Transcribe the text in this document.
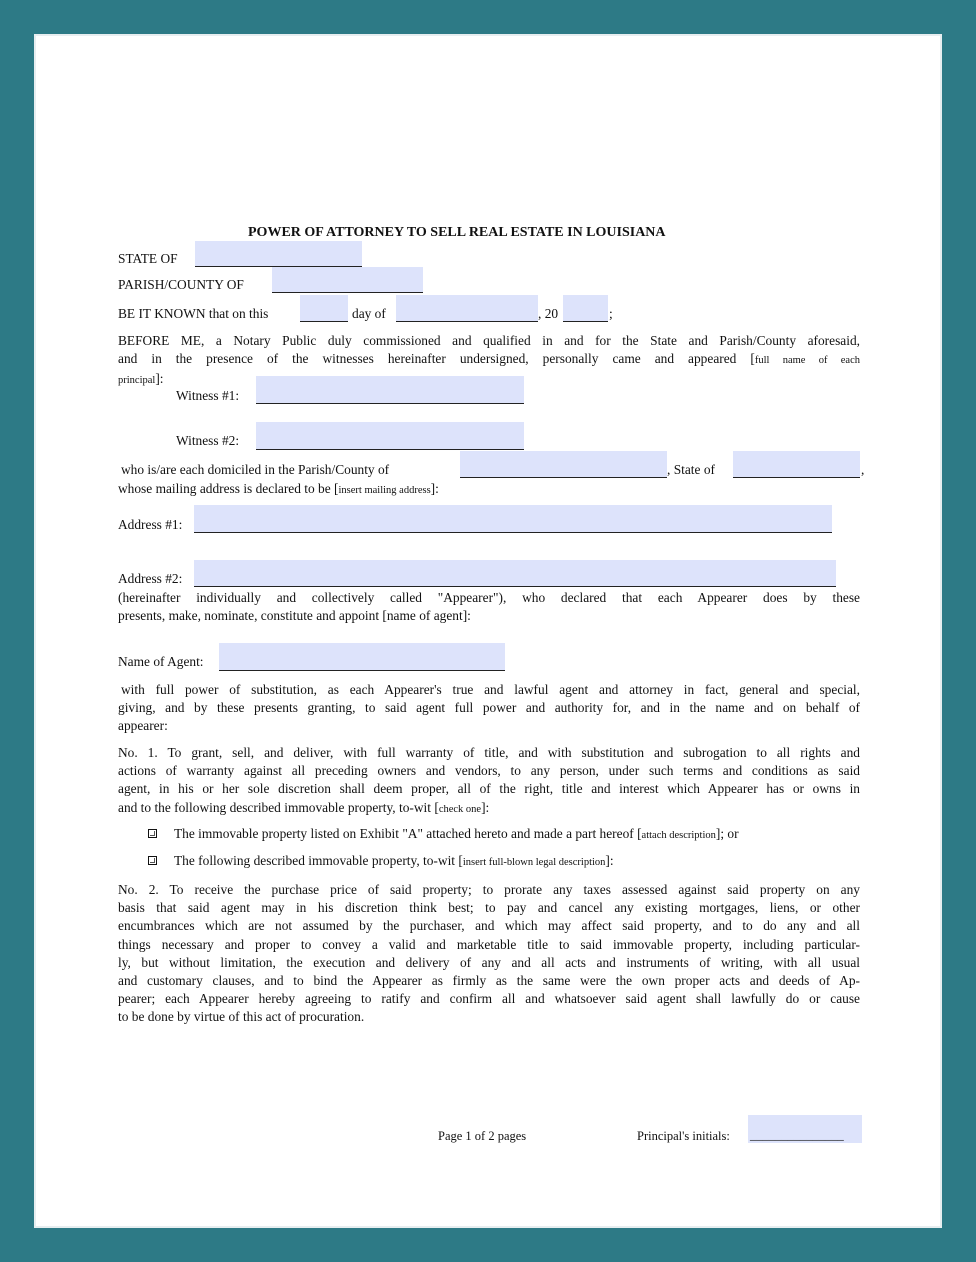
POWER OF ATTORNEY TO SELL REAL ESTATE IN LOUISIANA
STATE OF
PARISH/COUNTY OF
BE IT KNOWN that on this	day of	, 20	;
BEFORE ME, a Notary Public duly commissioned and qualified in and for the State and Parish/County aforesaid,
and in the presence of the witnesses hereinafter undersigned, personally came and appeared [full name of each
principal]:
Witness #1:
Witness #2:
who is/are each domiciled in the Parish/County of	, State of	,
whose mailing address is declared to be [insert mailing address]:
Address #1:
Address #2:
(hereinafter individually and collectively called "Appearer"), who declared that each Appearer does by these
presents, make, nominate, constitute and appoint [name of agent]:
Name of Agent:
with full power of substitution, as each Appearer's true and lawful agent and attorney in fact, general and special,
giving, and by these presents granting, to said agent full power and authority for, and in the name and on behalf of
appearer:
No. 1. To grant, sell, and deliver, with full warranty of title, and with substitution and subrogation to all rights and
actions of warranty against all preceding owners and vendors, to any person, under such terms and conditions as said
agent, in his or her sole discretion shall deem proper, all of the right, title and interest which Appearer has or owns in
and to the following described immovable property, to-wit [check one]:
The immovable property listed on Exhibit "A" attached hereto and made a part hereof [attach description]; or
The following described immovable property, to-wit [insert full-blown legal description]:
No. 2. To receive the purchase price of said property; to prorate any taxes assessed against said property on any
basis that said agent may in his discretion think best; to pay and cancel any existing mortgages, liens, or other
encumbrances which are not assumed by the purchaser, and which may affect said property, and to do any and all
things necessary and proper to convey a valid and marketable title to said immovable property, including particular-
ly, but without limitation, the execution and delivery of any and all acts and instruments of writing, with all usual
and customary clauses, and to bind the Appearer as firmly as the same were the own proper acts and deeds of Ap-
pearer; each Appearer hereby agreeing to ratify and confirm all and whatsoever said agent shall lawfully do or cause
to be done by virtue of this act of procuration.
Page 1 of 2 pages	Principal's initials: _______________
